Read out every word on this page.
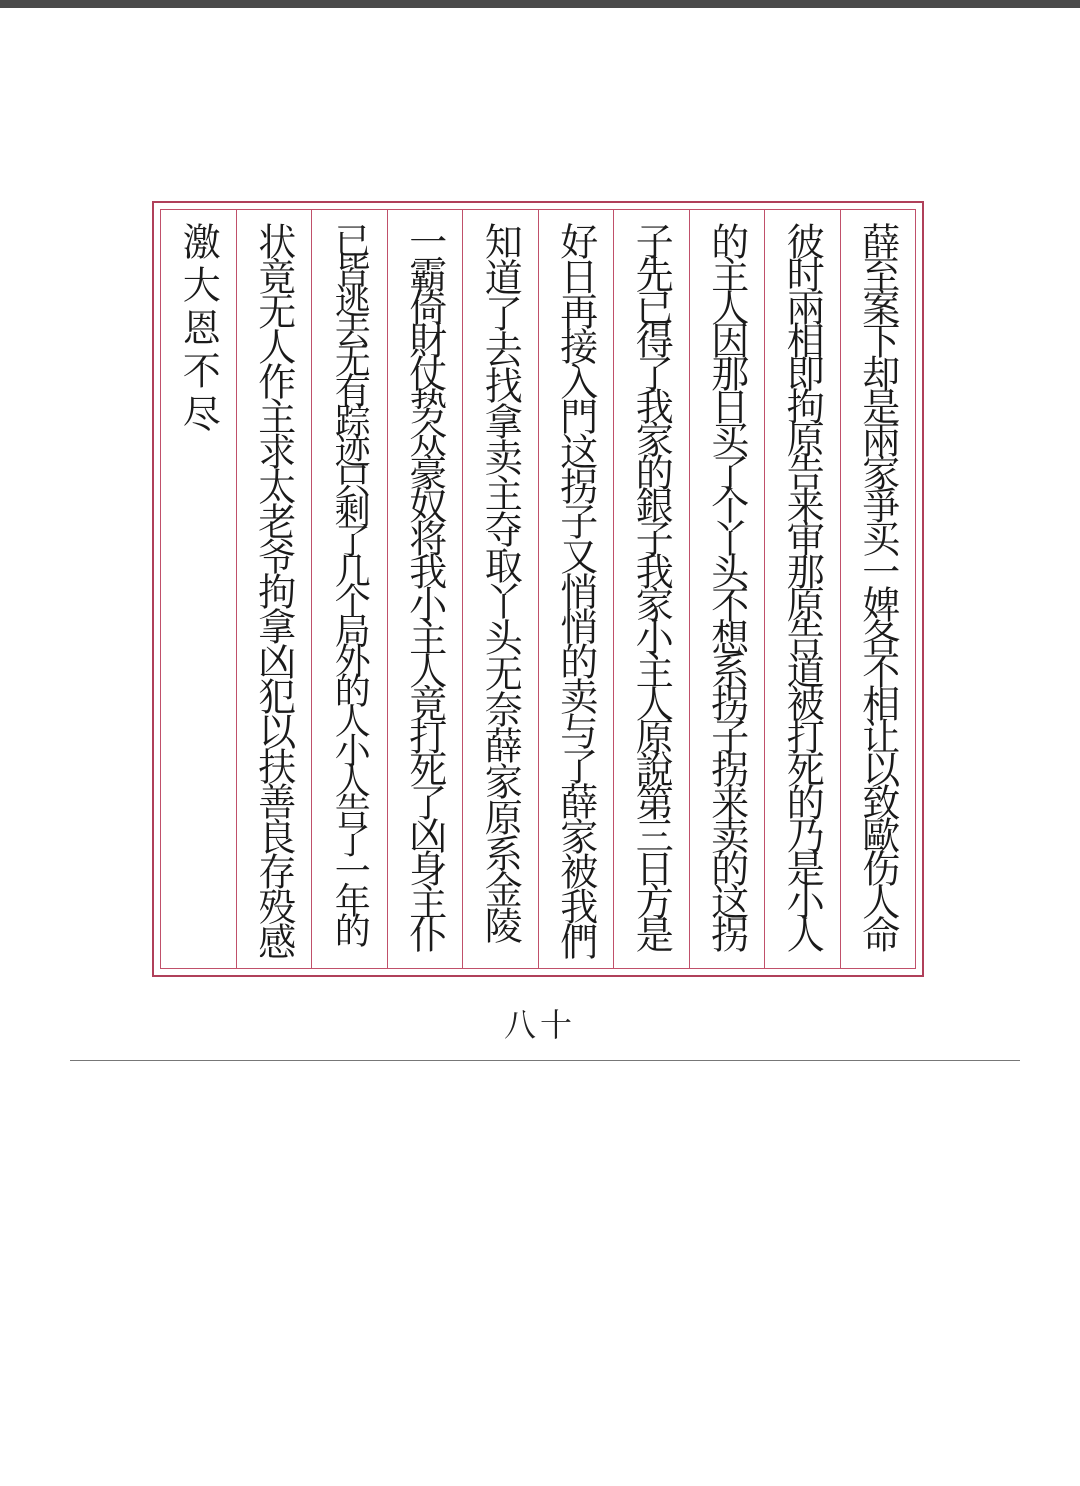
薛至案下却是兩家爭买一婢各不相让以致歐伤人命
彼时兩相即拘原告来审那原告道被打死的乃是小人
的主人因那日买了个丫头不想系拐子拐来卖的这拐
子先已得了我家的銀子我家小主人原說第三日方是
好日再接入門这拐子又悄悄的卖与了薛家被我們
知道了去找拿卖主夺取丫头无奈薛家原系金陵
一霸倚財仗势众豪奴将我小主人竟打死了凶身主仆
已皆逃去无有踪迹只剩了几个局外的人小人告了一年的
状竟无人作主求太老爷拘拿凶犯以扶善良存殁感
激大恩不尽
八十
